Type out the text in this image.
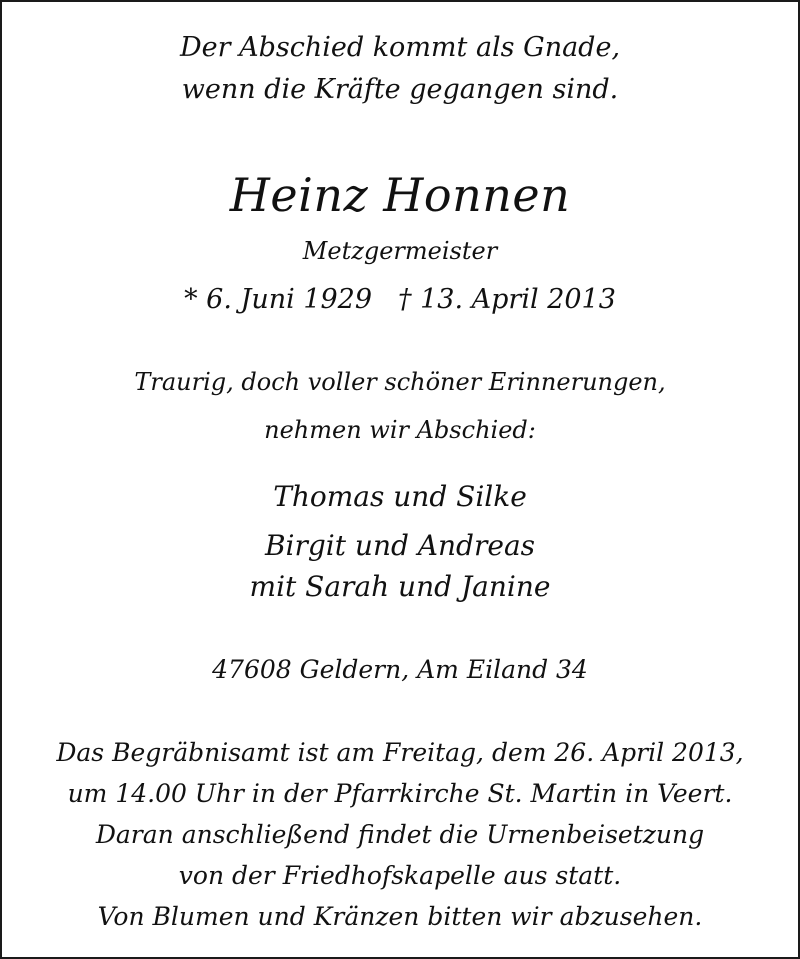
Der Abschied kommt als Gnade,
wenn die Kräfte gegangen sind.
Heinz Honnen
Metzgermeister
* 6. Juni 1929 † 13. April 2013
Traurig, doch voller schöner Erinnerungen,
nehmen wir Abschied:
Thomas und Silke
Birgit und Andreas
mit Sarah und Janine
47608 Geldern, Am Eiland 34
Das Begräbnisamt ist am Freitag, dem 26. April 2013,
um 14.00 Uhr in der Pfarrkirche St. Martin in Veert.
Daran anschließend findet die Urnenbeisetzung
von der Friedhofskapelle aus statt.
Von Blumen und Kränzen bitten wir abzusehen.
